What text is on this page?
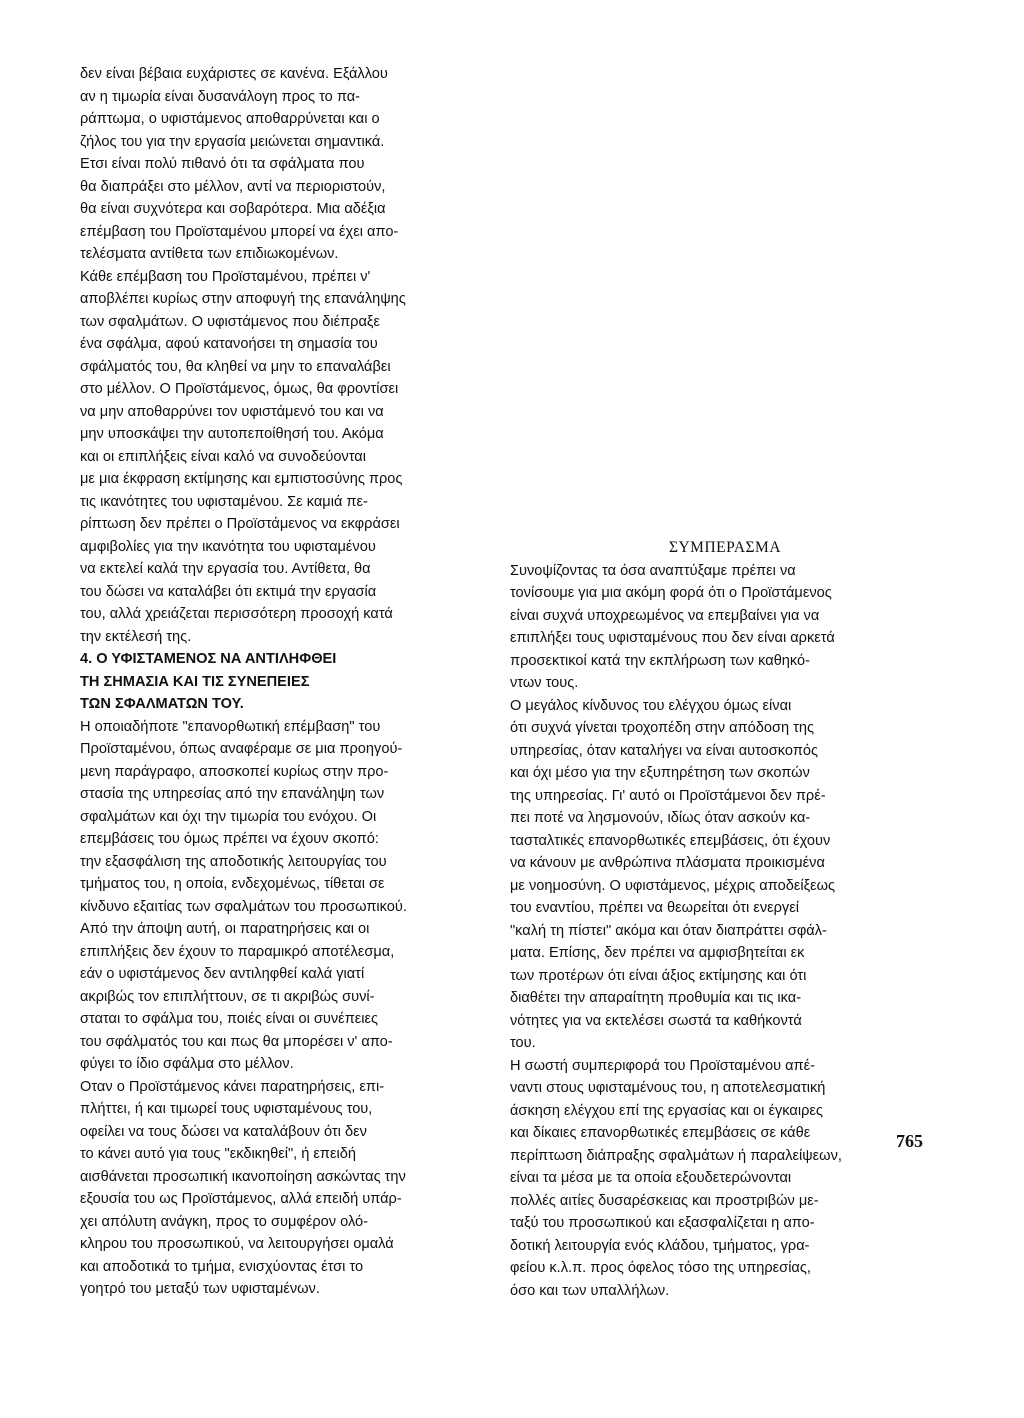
δεν είναι βέβαια ευχάριστες σε κανένα. Εξάλλου
αν η τιμωρία είναι δυσανάλογη προς το πα-
ράπτωμα, ο υφιστάμενος αποθαρρύνεται και ο
ζήλος του για την εργασία μειώνεται σημαντικά.
Ετσι είναι πολύ πιθανό ότι τα σφάλματα που
θα διαπράξει στο μέλλον, αντί να περιοριστούν,
θα είναι συχνότερα και σοβαρότερα. Μια αδέξια
επέμβαση του Προϊσταμένου μπορεί να έχει απο-
τελέσματα αντίθετα των επιδιωκομένων.
Κάθε επέμβαση του Προϊσταμένου, πρέπει ν'
αποβλέπει κυρίως στην αποφυγή της επανάληψης
των σφαλμάτων. Ο υφιστάμενος που διέπραξε
ένα σφάλμα, αφού κατανοήσει τη σημασία του
σφάλματός του, θα κληθεί να μην το επαναλάβει
στο μέλλον. Ο Προϊστάμενος, όμως, θα φροντίσει
να μην αποθαρρύνει τον υφιστάμενό του και να
μην υποσκάψει την αυτοπεποίθησή του. Ακόμα
και οι επιπλήξεις είναι καλό να συνοδεύονται
με μια έκφραση εκτίμησης και εμπιστοσύνης προς
τις ικανότητες του υφισταμένου. Σε καμιά πε-
ρίπτωση δεν πρέπει ο Προϊστάμενος να εκφράσει
αμφιβολίες για την ικανότητα του υφισταμένου
να εκτελεί καλά την εργασία του. Αντίθετα, θα
του δώσει να καταλάβει ότι εκτιμά την εργασία
του, αλλά χρειάζεται περισσότερη προσοχή κατά
την εκτέλεσή της.
4. Ο ΥΦΙΣΤΑΜΕΝΟΣ ΝΑ ΑΝΤΙΛΗΦΘΕΙ
ΤΗ ΣΗΜΑΣΙΑ ΚΑΙ ΤΙΣ ΣΥΝΕΠΕΙΕΣ
ΤΩΝ ΣΦΑΛΜΑΤΩΝ ΤΟΥ.
Η οποιαδήποτε "επανορθωτική επέμβαση" του
Προϊσταμένου, όπως αναφέραμε σε μια προηγού-
μενη παράγραφο, αποσκοπεί κυρίως στην προ-
στασία της υπηρεσίας από την επανάληψη των
σφαλμάτων και όχι την τιμωρία του ενόχου. Οι
επεμβάσεις του όμως πρέπει να έχουν σκοπό:
την εξασφάλιση της αποδοτικής λειτουργίας του
τμήματος του, η οποία, ενδεχομένως, τίθεται σε
κίνδυνο εξαιτίας των σφαλμάτων του προσωπικού.
Από την άποψη αυτή, οι παρατηρήσεις και οι
επιπλήξεις δεν έχουν το παραμικρό αποτέλεσμα,
εάν ο υφιστάμενος δεν αντιληφθεί καλά γιατί
ακριβώς τον επιπλήττουν, σε τι ακριβώς συνί-
σταται το σφάλμα του, ποιές είναι οι συνέπειες
του σφάλματός του και πως θα μπορέσει ν' απο-
φύγει το ίδιο σφάλμα στο μέλλον.
Οταν ο Προϊστάμενος κάνει παρατηρήσεις, επι-
πλήττει, ή και τιμωρεί τους υφισταμένους του,
οφείλει να τους δώσει να καταλάβουν ότι δεν
το κάνει αυτό για τους "εκδικηθεί", ή επειδή
αισθάνεται προσωπική ικανοποίηση ασκώντας την
εξουσία του ως Προϊστάμενος, αλλά επειδή υπάρ-
χει απόλυτη ανάγκη, προς το συμφέρον ολό-
κληρου του προσωπικού, να λειτουργήσει ομαλά
και αποδοτικά το τμήμα, ενισχύοντας έτσι το
γοητρό του μεταξύ των υφισταμένων.
ΣΥΜΠΕΡΑΣΜΑ
Συνοψίζοντας τα όσα αναπτύξαμε πρέπει να
τονίσουμε για μια ακόμη φορά ότι ο Προϊστάμενος
είναι συχνά υποχρεωμένος να επεμβαίνει για να
επιπλήξει τους υφισταμένους που δεν είναι αρκετά
προσεκτικοί κατά την εκπλήρωση των καθηκό-
ντων τους.
Ο μεγάλος κίνδυνος του ελέγχου όμως είναι
ότι συχνά γίνεται τροχοπέδη στην απόδοση της
υπηρεσίας, όταν καταλήγει να είναι αυτοσκοπός
και όχι μέσο για την εξυπηρέτηση των σκοπών
της υπηρεσίας. Γι' αυτό οι Προϊστάμενοι δεν πρέ-
πει ποτέ να λησμονούν, ιδίως όταν ασκούν κα-
τασταλτικές επανορθωτικές επεμβάσεις, ότι έχουν
να κάνουν με ανθρώπινα πλάσματα προικισμένα
με νοημοσύνη. Ο υφιστάμενος, μέχρις αποδείξεως
του εναντίου, πρέπει να θεωρείται ότι ενεργεί
"καλή τη πίστει" ακόμα και όταν διαπράττει σφάλ-
ματα. Επίσης, δεν πρέπει να αμφισβητείται εκ
των προτέρων ότι είναι άξιος εκτίμησης και ότι
διαθέτει την απαραίτητη προθυμία και τις ικα-
νότητες για να εκτελέσει σωστά τα καθήκοντά
του.
Η σωστή συμπεριφορά του Προϊσταμένου απέ-
ναντι στους υφισταμένους του, η αποτελεσματική
άσκηση ελέγχου επί της εργασίας και οι έγκαιρες
και δίκαιες επανορθωτικές επεμβάσεις σε κάθε
περίπτωση διάπραξης σφαλμάτων ή παραλείψεων,
είναι τα μέσα με τα οποία εξουδετερώνονται
πολλές αιτίες δυσαρέσκειας και προστριβών με-
ταξύ του προσωπικού και εξασφαλίζεται η απο-
δοτική λειτουργία ενός κλάδου, τμήματος, γρα-
φείου κ.λ.π. προς όφελος τόσο της υπηρεσίας,
όσο και των υπαλλήλων.
765
